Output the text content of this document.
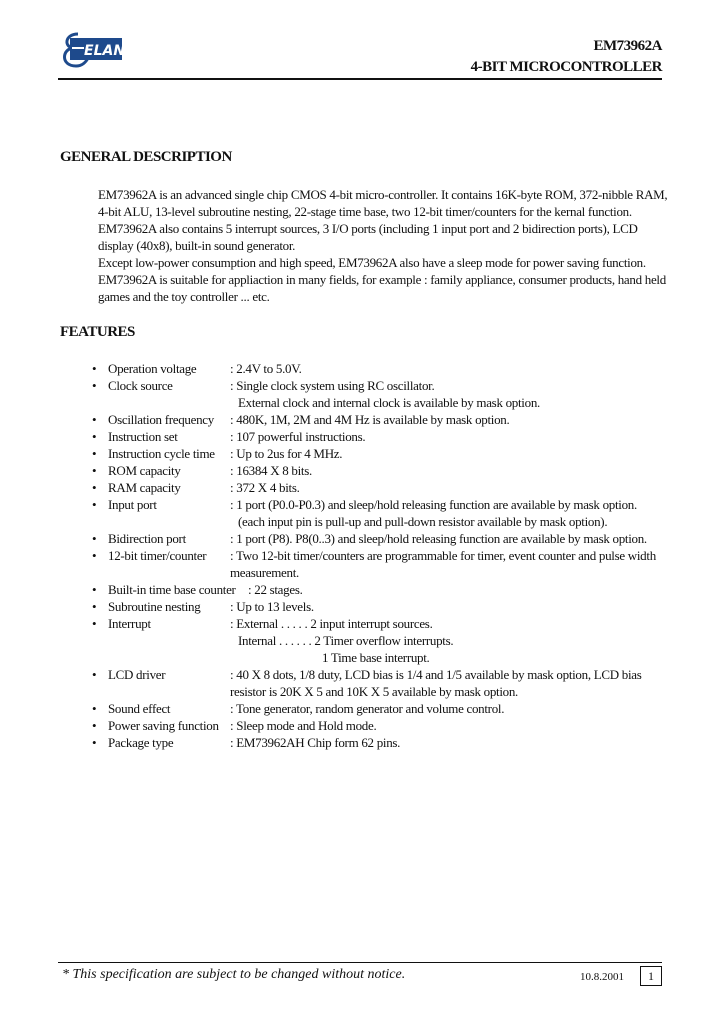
ELAN	EM73962A
4-BIT MICROCONTROLLER
GENERAL DESCRIPTION

EM73962A is an advanced single chip CMOS 4-bit micro-controller. It contains 16K-byte ROM, 372-nibble RAM, 4-bit ALU, 13-level subroutine nesting, 22-stage time base, two 12-bit timer/counters for the kernal function. EM73962A also contains 5 interrupt sources, 3 I/O ports (including 1 input port and 2 bidirection ports), LCD display (40x8), built-in sound generator.

Except low-power consumption and high speed, EM73962A also have a sleep mode for power saving function.

EM73962A is suitable for appliaction in many fields, for example : family appliance, consumer products, hand held games and the toy controller ... etc.

FEATURES
• Operation voltage	: 2.4V to 5.0V.
• Clock source	: Single clock system using RC oscillator.
External clock and internal clock is available by mask option.
• Oscillation frequency	: 480K, 1M, 2M and 4M Hz is available by mask option.
• Instruction set	: 107 powerful instructions.
• Instruction cycle time	: Up to 2us for 4 MHz.
• ROM capacity	: 16384 X 8 bits.
• RAM capacity	: 372 X 4 bits.
• Input port	: 1 port (P0.0-P0.3) and sleep/hold releasing function are available by mask option.
(each input pin is pull-up and pull-down resistor available by mask option).
• Bidirection port	: 1 port (P8). P8(0..3) and sleep/hold releasing function are available by mask option.
• 12-bit timer/counter	: Two 12-bit timer/counters are programmable for timer, event counter and pulse width measurement.
• Built-in time base counter : 22 stages.
• Subroutine nesting	: Up to 13 levels.
• Interrupt	: External . . . . . 2 input interrupt sources.
Internal . . . . . . 2 Timer overflow interrupts.
1 Time base interrupt.
• LCD driver	: 40 X 8 dots, 1/8 duty, LCD bias is 1/4 and 1/5 available by mask option, LCD bias resistor is 20K X 5 and 10K X 5 available by mask option.
• Sound effect	: Tone generator, random generator and volume control.
• Power saving function : Sleep mode and Hold mode.
• Package type	: EM73962AH Chip form 62 pins.
* This specification are subject to be changed without notice.	10.8.2001	1
